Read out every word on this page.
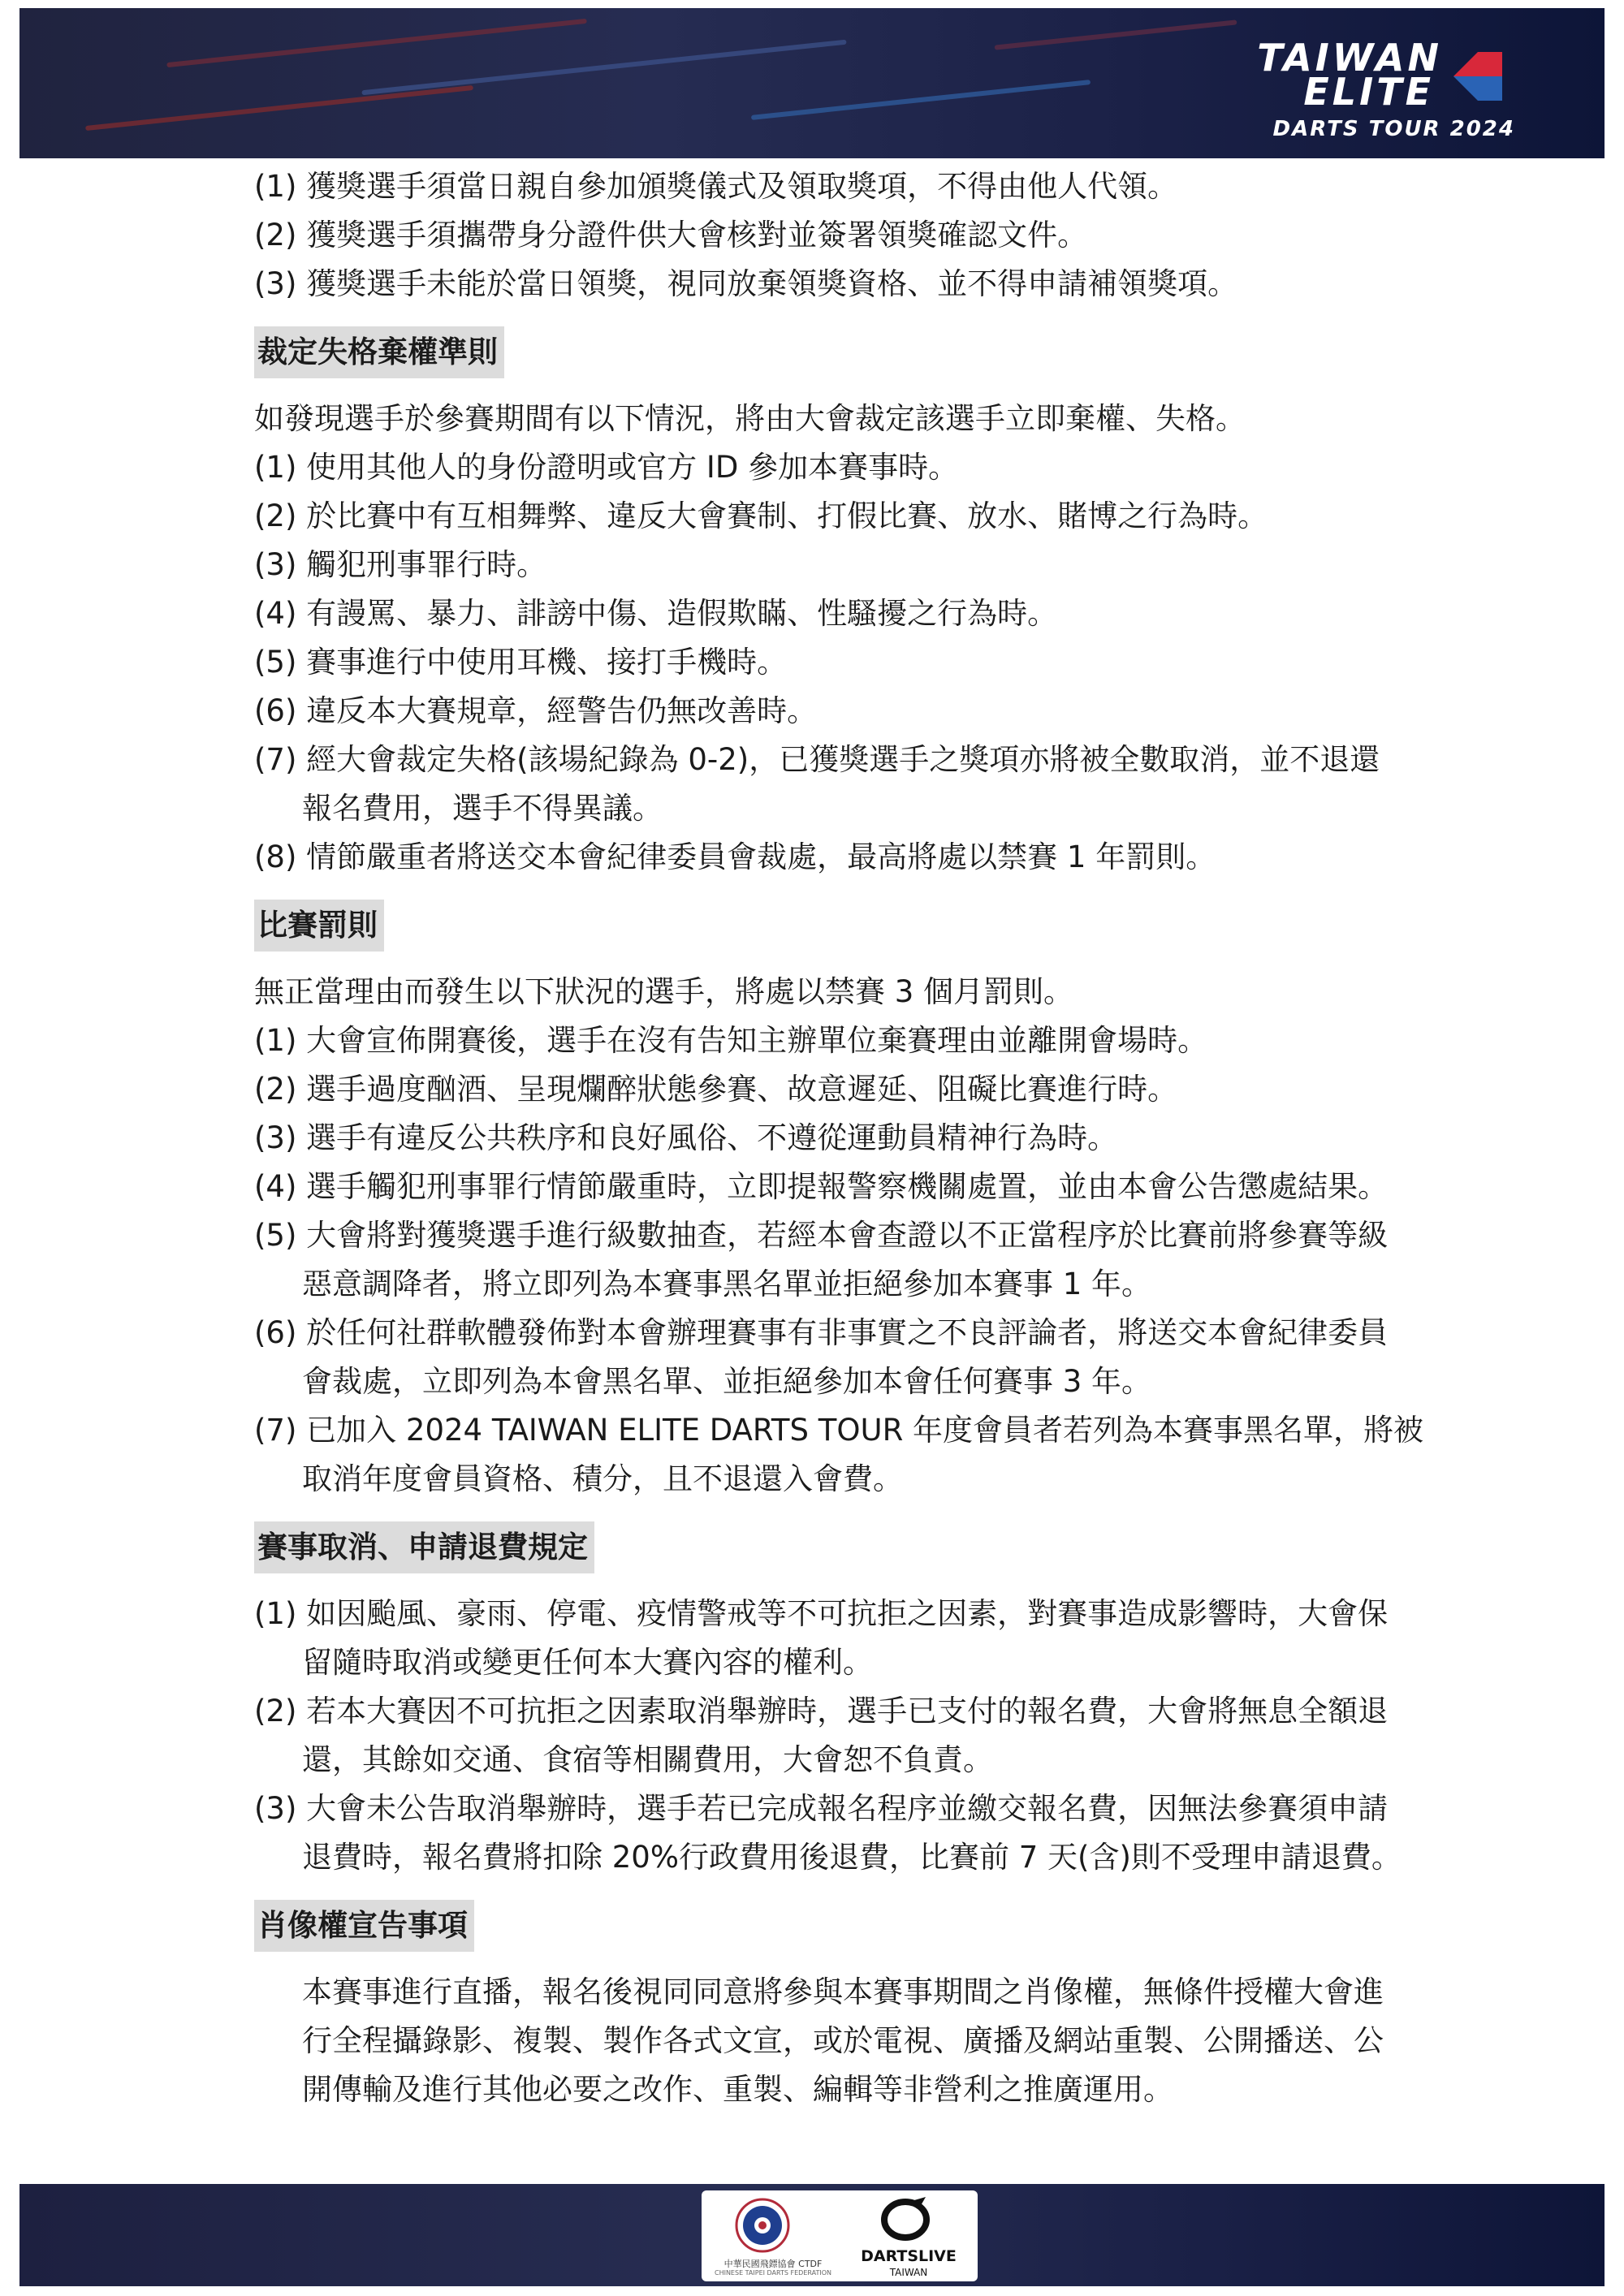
TAIWAN
ELITE
DARTS TOUR 2024
(1) 獲獎選手須當日親自參加頒獎儀式及領取獎項，不得由他人代領。
(2) 獲獎選手須攜帶身分證件供大會核對並簽署領獎確認文件。
(3) 獲獎選手未能於當日領獎，視同放棄領獎資格、並不得申請補領獎項。
裁定失格棄權準則
如發現選手於參賽期間有以下情況，將由大會裁定該選手立即棄權、失格。
(1) 使用其他人的身份證明或官方 ID 參加本賽事時。
(2) 於比賽中有互相舞弊、違反大會賽制、打假比賽、放水、賭博之行為時。
(3) 觸犯刑事罪行時。
(4) 有謾罵、暴力、誹謗中傷、造假欺瞞、性騷擾之行為時。
(5) 賽事進行中使用耳機、接打手機時。
(6) 違反本大賽規章，經警告仍無改善時。
(7) 經大會裁定失格(該場紀錄為 0-2)，已獲獎選手之獎項亦將被全數取消，並不退還
報名費用，選手不得異議。
(8) 情節嚴重者將送交本會紀律委員會裁處，最高將處以禁賽 1 年罰則。
比賽罰則
無正當理由而發生以下狀況的選手，將處以禁賽 3 個月罰則。
(1) 大會宣佈開賽後，選手在沒有告知主辦單位棄賽理由並離開會場時。
(2) 選手過度酗酒、呈現爛醉狀態參賽、故意遲延、阻礙比賽進行時。
(3) 選手有違反公共秩序和良好風俗、不遵從運動員精神行為時。
(4) 選手觸犯刑事罪行情節嚴重時，立即提報警察機關處置，並由本會公告懲處結果。
(5) 大會將對獲獎選手進行級數抽查，若經本會查證以不正當程序於比賽前將參賽等級
惡意調降者，將立即列為本賽事黑名單並拒絕參加本賽事 1 年。
(6) 於任何社群軟體發佈對本會辦理賽事有非事實之不良評論者，將送交本會紀律委員
會裁處，立即列為本會黑名單、並拒絕參加本會任何賽事 3 年。
(7) 已加入 2024 TAIWAN ELITE DARTS TOUR 年度會員者若列為本賽事黑名單，將被
取消年度會員資格、積分，且不退還入會費。
賽事取消、申請退費規定
(1) 如因颱風、豪雨、停電、疫情警戒等不可抗拒之因素，對賽事造成影響時，大會保
留隨時取消或變更任何本大賽內容的權利。
(2) 若本大賽因不可抗拒之因素取消舉辦時，選手已支付的報名費，大會將無息全額退
還，其餘如交通、食宿等相關費用，大會恕不負責。
(3) 大會未公告取消舉辦時，選手若已完成報名程序並繳交報名費，因無法參賽須申請
退費時，報名費將扣除 20%行政費用後退費，比賽前 7 天(含)則不受理申請退費。
肖像權宣告事項
本賽事進行直播，報名後視同同意將參與本賽事期間之肖像權，無條件授權大會進
行全程攝錄影、複製、製作各式文宣，或於電視、廣播及網站重製、公開播送、公
開傳輸及進行其他必要之改作、重製、編輯等非營利之推廣運用。
中華民國飛鏢協會 CTDF
CHINESE TAIPEI DARTS FEDERATION
DARTSLIVE
TAIWAN
